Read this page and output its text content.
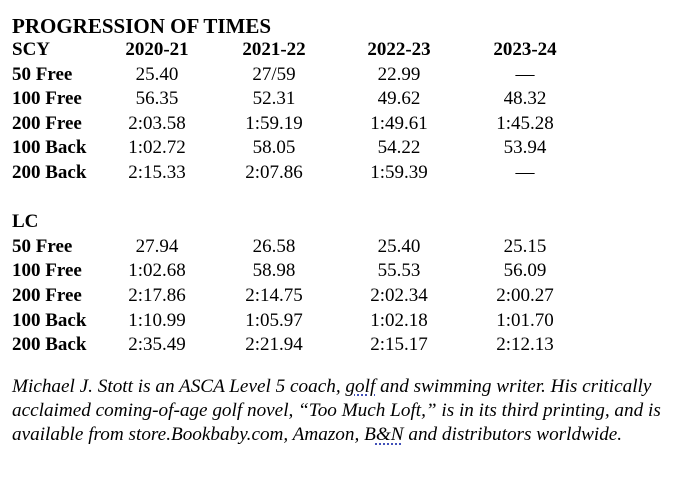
PROGRESSION OF TIMES
SCY	2020-21	2021-22	2022-23	2023-24
50 Free	25.40	27/59	22.99	—
100 Free	56.35	52.31	49.62	48.32
200 Free	2:03.58	1:59.19	1:49.61	1:45.28
100 Back	1:02.72	58.05	54.22	53.94
200 Back	2:15.33	2:07.86	1:59.39	—

LC				
50 Free	27.94	26.58	25.40	25.15
100 Free	1:02.68	58.98	55.53	56.09
200 Free	2:17.86	2:14.75	2:02.34	2:00.27
100 Back	1:10.99	1:05.97	1:02.18	1:01.70
200 Back	2:35.49	2:21.94	2:15.17	2:12.13

Michael J. Stott is an ASCA Level 5 coach, golf and swimming writer. His critically acclaimed coming-of-age golf novel, “Too Much Loft,” is in its third printing, and is available from store.Bookbaby.com, Amazon, B&N and distributors worldwide.
